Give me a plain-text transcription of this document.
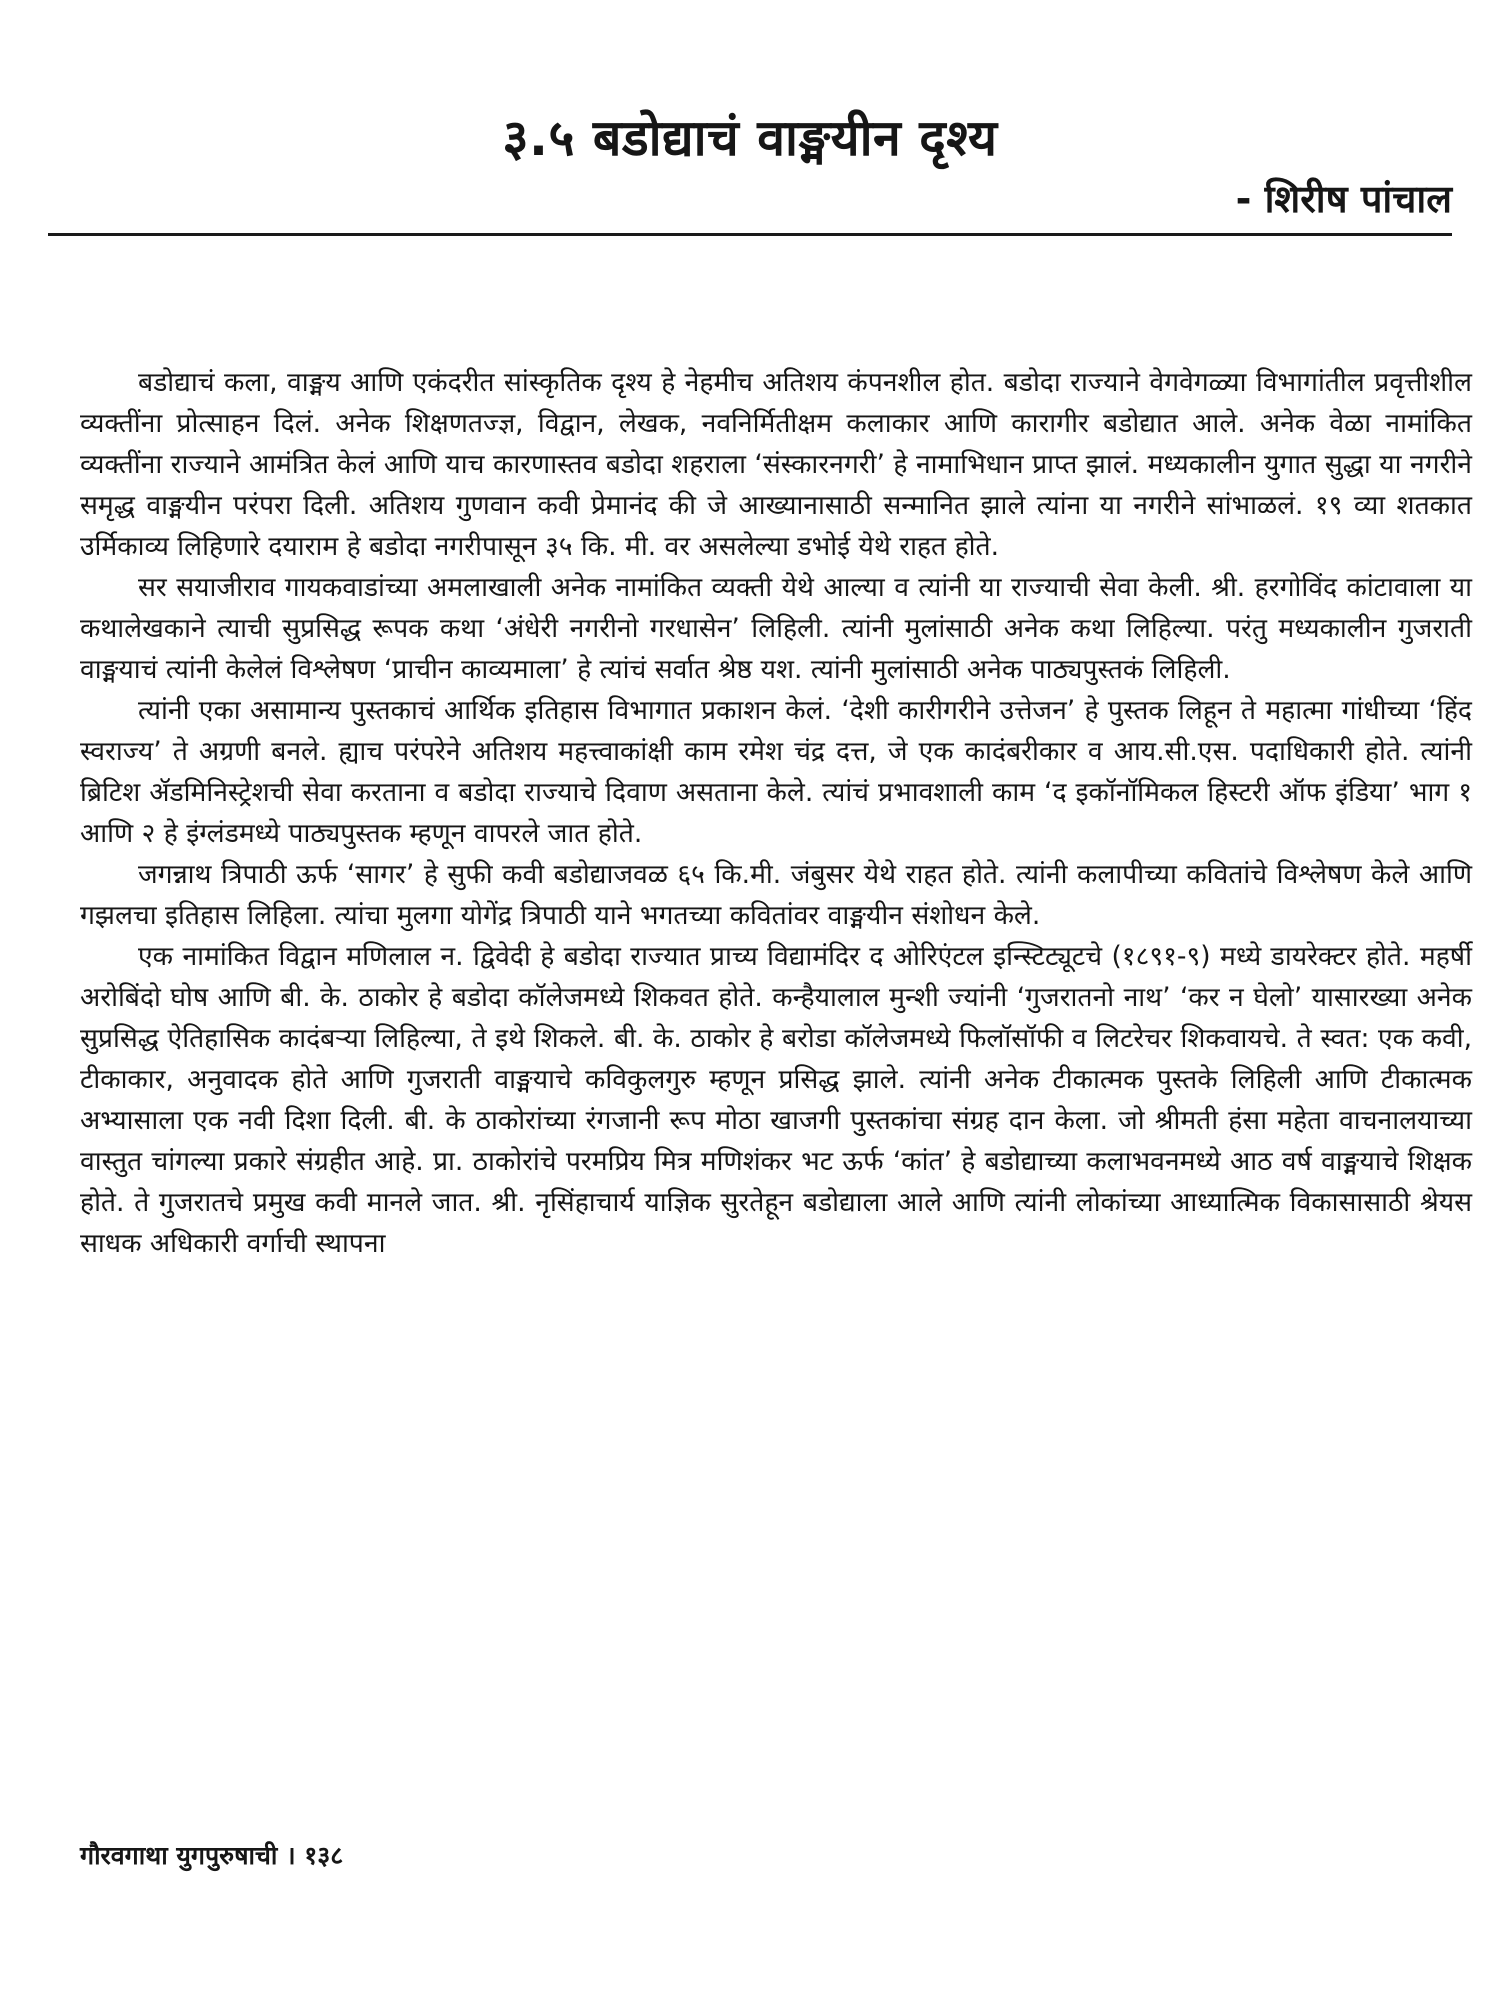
३.५ बडोद्याचं वाङ्मयीन दृश्य
- शिरीष पांचाल

बडोद्याचं कला, वाङ्मय आणि एकंदरीत सांस्कृतिक दृश्य हे नेहमीच अतिशय कंपनशील होत. बडोदा राज्याने वेगवेगळ्या विभागांतील प्रवृत्तीशील व्यक्तींना प्रोत्साहन दिलं. अनेक शिक्षणतज्ज्ञ, विद्वान, लेखक, नवनिर्मितीक्षम कलाकार आणि कारागीर बडोद्यात आले. अनेक वेळा नामांकित व्यक्तींना राज्याने आमंत्रित केलं आणि याच कारणास्तव बडोदा शहराला ‘संस्कारनगरी’ हे नामाभिधान प्राप्त झालं. मध्यकालीन युगात सुद्धा या नगरीने समृद्ध वाङ्मयीन परंपरा दिली. अतिशय गुणवान कवी प्रेमानंद की जे आख्यानासाठी सन्मानित झाले त्यांना या नगरीने सांभाळलं. १९ व्या शतकात उर्मिकाव्य लिहिणारे दयाराम हे बडोदा नगरीपासून ३५ कि. मी. वर असलेल्या डभोई येथे राहत होते.

सर सयाजीराव गायकवाडांच्या अमलाखाली अनेक नामांकित व्यक्ती येथे आल्या व त्यांनी या राज्याची सेवा केली. श्री. हरगोविंद कांटावाला या कथालेखकाने त्याची सुप्रसिद्ध रूपक कथा ‘अंधेरी नगरीनो गरधासेन’ लिहिली. त्यांनी मुलांसाठी अनेक कथा लिहिल्या. परंतु मध्यकालीन गुजराती वाङ्मयाचं त्यांनी केलेलं विश्लेषण ‘प्राचीन काव्यमाला’ हे त्यांचं सर्वात श्रेष्ठ यश. त्यांनी मुलांसाठी अनेक पाठ्यपुस्तकं लिहिली.

त्यांनी एका असामान्य पुस्तकाचं आर्थिक इतिहास विभागात प्रकाशन केलं. ‘देशी कारीगरीने उत्तेजन’ हे पुस्तक लिहून ते महात्मा गांधीच्या ‘हिंद स्वराज्य’ ते अग्रणी बनले. ह्याच परंपरेने अतिशय महत्त्वाकांक्षी काम रमेश चंद्र दत्त, जे एक कादंबरीकार व आय.सी.एस. पदाधिकारी होते. त्यांनी ब्रिटिश ॲडमिनिस्ट्रेशची सेवा करताना व बडोदा राज्याचे दिवाण असताना केले. त्यांचं प्रभावशाली काम ‘द इकॉनॉमिकल हिस्टरी ऑफ इंडिया’ भाग १ आणि २ हे इंग्लंडमध्ये पाठ्यपुस्तक म्हणून वापरले जात होते.

जगन्नाथ त्रिपाठी ऊर्फ ‘सागर’ हे सुफी कवी बडोद्याजवळ ६५ कि.मी. जंबुसर येथे राहत होते. त्यांनी कलापीच्या कवितांचे विश्लेषण केले आणि गझलचा इतिहास लिहिला. त्यांचा मुलगा योगेंद्र त्रिपाठी याने भगतच्या कवितांवर वाङ्मयीन संशोधन केले.

एक नामांकित विद्वान मणिलाल न. द्विवेदी हे बडोदा राज्यात प्राच्य विद्यामंदिर द ओरिएंटल इन्स्टिट्यूटचे (१८९१-९) मध्ये डायरेक्टर होते. महर्षी अरोबिंदो घोष आणि बी. के. ठाकोर हे बडोदा कॉलेजमध्ये शिकवत होते. कन्हैयालाल मुन्शी ज्यांनी ‘गुजरातनो नाथ’ ‘कर न घेलो’ यासारख्या अनेक सुप्रसिद्ध ऐतिहासिक कादंबऱ्या लिहिल्या, ते इथे शिकले. बी. के. ठाकोर हे बरोडा कॉलेजमध्ये फिलॉसॉफी व लिटरेचर शिकवायचे. ते स्वत: एक कवी, टीकाकार, अनुवादक होते आणि गुजराती वाङ्मयाचे कविकुलगुरु म्हणून प्रसिद्ध झाले. त्यांनी अनेक टीकात्मक पुस्तके लिहिली आणि टीकात्मक अभ्यासाला एक नवी दिशा दिली. बी. के ठाकोरांच्या रंगजानी रूप मोठा खाजगी पुस्तकांचा संग्रह दान केला. जो श्रीमती हंसा महेता वाचनालयाच्या वास्तुत चांगल्या प्रकारे संग्रहीत आहे. प्रा. ठाकोरांचे परमप्रिय मित्र मणिशंकर भट ऊर्फ ‘कांत’ हे बडोद्याच्या कलाभवनमध्ये आठ वर्ष वाङ्मयाचे शिक्षक होते. ते गुजरातचे प्रमुख कवी मानले जात. श्री. नृसिंहाचार्य याज्ञिक सुरतेहून बडोद्याला आले आणि त्यांनी लोकांच्या आध्यात्मिक विकासासाठी श्रेयस साधक अधिकारी वर्गाची स्थापना

गौरवगाथा युगपुरुषाची । १३८
